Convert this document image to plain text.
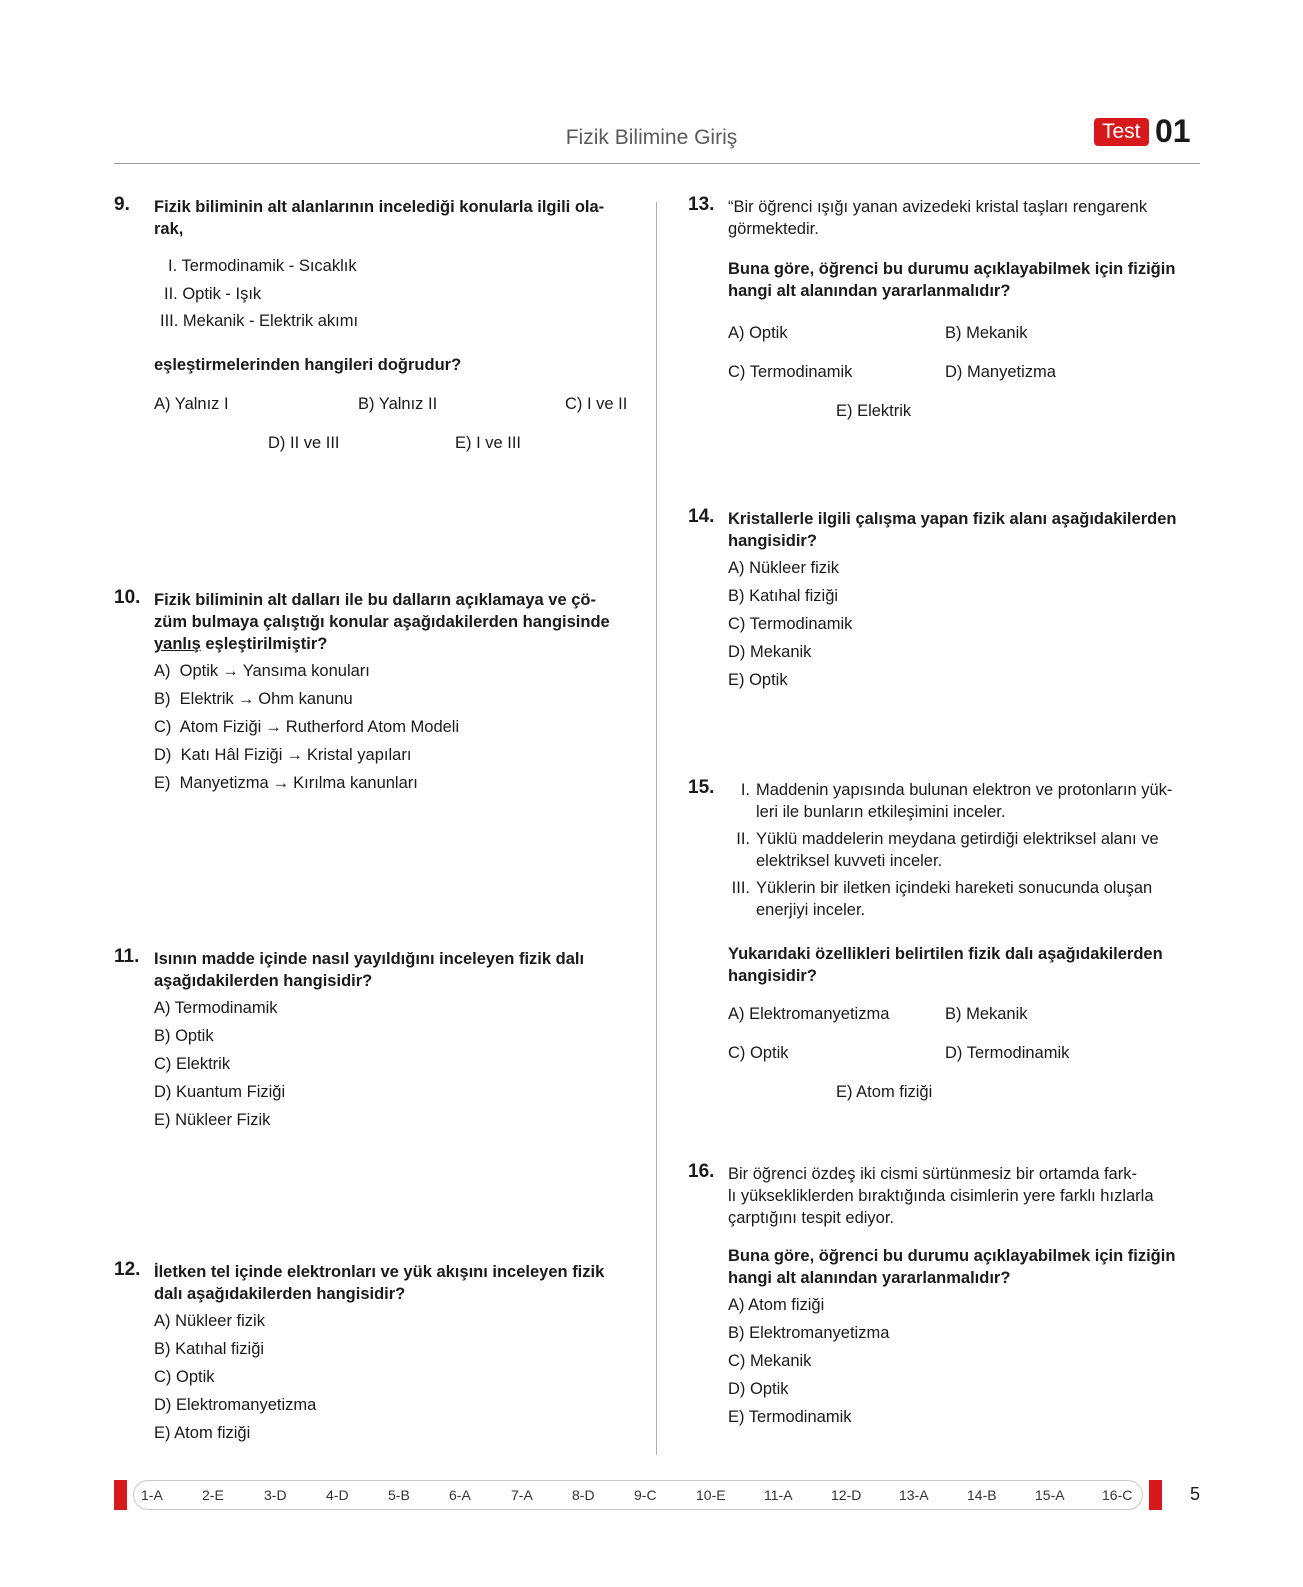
Fizik Bilimine Giriş	Test 01
9. Fizik biliminin alt alanlarının incelediği konularla ilgili ola-
rak,
I. Termodinamik - Sıcaklık
II. Optik - Işık
III. Mekanik - Elektrik akımı
eşleştirmelerinden hangileri doğrudur?
A) Yalnız I	B) Yalnız II	C) I ve II
D) II ve III	E) I ve III
10. Fizik biliminin alt dalları ile bu dalların açıklamaya ve çö-
züm bulmaya çalıştığı konular aşağıdakilerden hangisinde
yanlış eşleştirilmiştir?
A) Optik → Yansıma konuları
B) Elektrik → Ohm kanunu
C) Atom Fiziği → Rutherford Atom Modeli
D) Katı Hâl Fiziği → Kristal yapıları
E) Manyetizma → Kırılma kanunları
11. Isının madde içinde nasıl yayıldığını inceleyen fizik dalı
aşağıdakilerden hangisidir?
A) Termodinamik
B) Optik
C) Elektrik
D) Kuantum Fiziği
E) Nükleer Fizik
12. İletken tel içinde elektronları ve yük akışını inceleyen fizik
dalı aşağıdakilerden hangisidir?
A) Nükleer fizik
B) Katıhal fiziği
C) Optik
D) Elektromanyetizma
E) Atom fiziği
13. “Bir öğrenci ışığı yanan avizedeki kristal taşları rengarenk
görmektedir.
Buna göre, öğrenci bu durumu açıklayabilmek için fiziğin
hangi alt alanından yararlanmalıdır?
A) Optik	B) Mekanik
C) Termodinamik	D) Manyetizma
E) Elektrik
14. Kristallerle ilgili çalışma yapan fizik alanı aşağıdakilerden
hangisidir?
A) Nükleer fizik
B) Katıhal fiziği
C) Termodinamik
D) Mekanik
E) Optik
15.	I. Maddenin yapısında bulunan elektron ve protonların yük-
leri ile bunların etkileşimini inceler.
II. Yüklü maddelerin meydana getirdiği elektriksel alanı ve
elektriksel kuvveti inceler.
III. Yüklerin bir iletken içindeki hareketi sonucunda oluşan
enerjiyi inceler.
Yukarıdaki özellikleri belirtilen fizik dalı aşağıdakilerden
hangisidir?
A) Elektromanyetizma	B) Mekanik
C) Optik	D) Termodinamik
E) Atom fiziği
16. Bir öğrenci özdeş iki cismi sürtünmesiz bir ortamda fark-
lı yüksekliklerden bıraktığında cisimlerin yere farklı hızlarla
çarptığını tespit ediyor.
Buna göre, öğrenci bu durumu açıklayabilmek için fiziğin
hangi alt alanından yararlanmalıdır?
A) Atom fiziği
B) Elektromanyetizma
C) Mekanik
D) Optik
E) Termodinamik
1-A	2-E	3-D	4-D	5-B	6-A	7-A	8-D	9-C	10-E	11-A	12-D	13-A	14-B	15-A	16-C	5
